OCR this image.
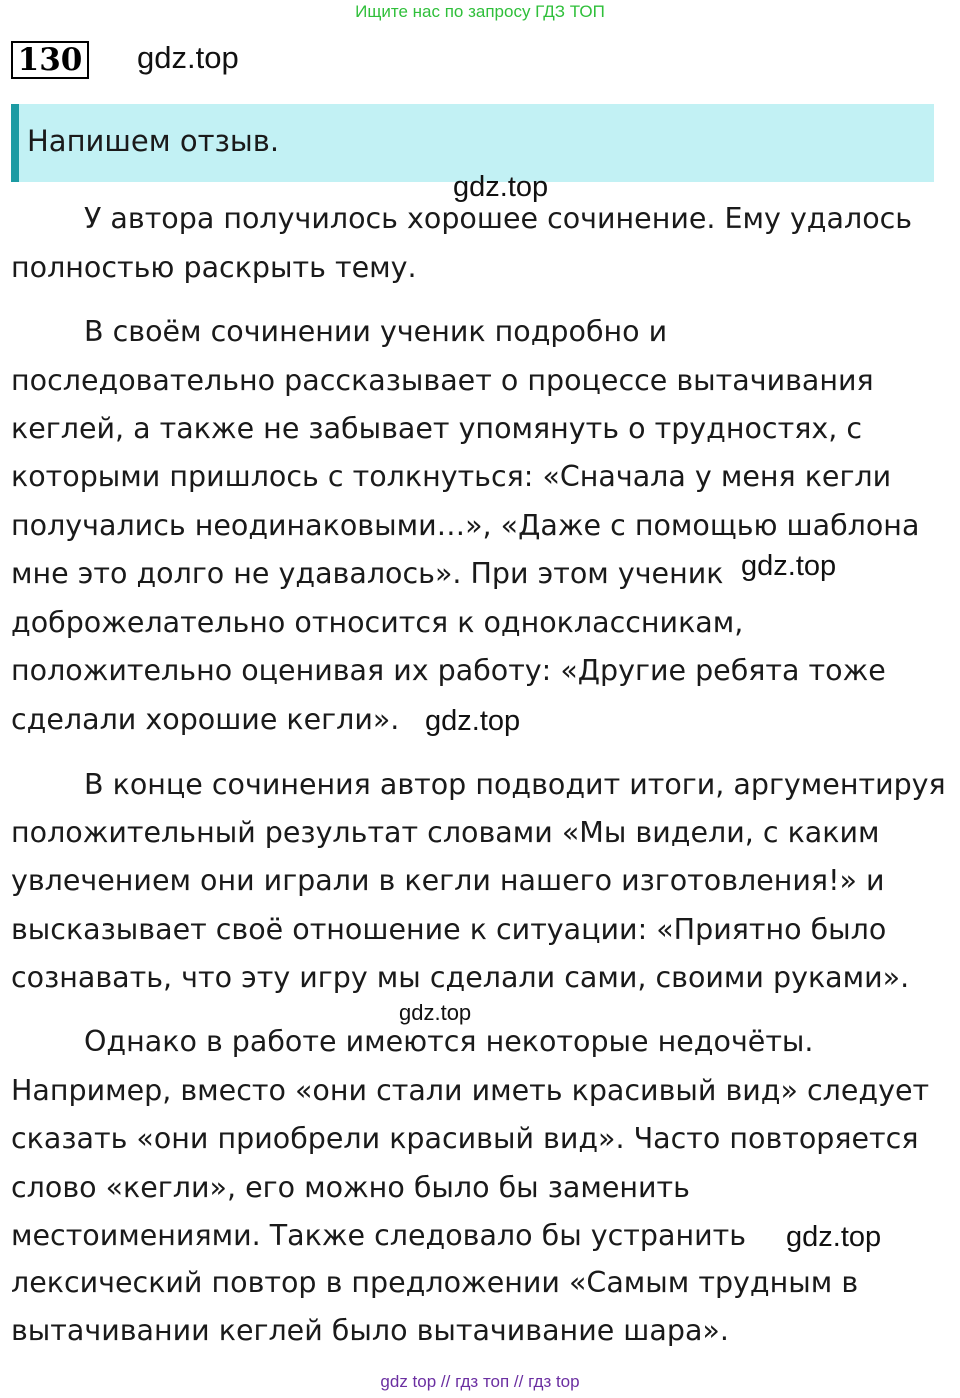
Ищите нас по запросу ГДЗ ТОП
130 gdz.top
Напишем отзыв.
gdz.top
У автора получилось хорошее сочинение. Ему удалось
полностью раскрыть тему.
В своём сочинении ученик подробно и
последовательно рассказывает о процессе вытачивания
кеглей, а также не забывает упомянуть о трудностях, с
которыми пришлось с толкнуться: «Сначала у меня кегли
получались неодинаковыми…», «Даже с помощью шаблона
мне это долго не удавалось». При этом ученик gdz.top
доброжелательно относится к одноклассникам,
положительно оценивая их работу: «Другие ребята тоже
сделали хорошие кегли». gdz.top
В конце сочинения автор подводит итоги, аргументируя
положительный результат словами «Мы видели, с каким
увлечением они играли в кегли нашего изготовления!» и
высказывает своё отношение к ситуации: «Приятно было
сознавать, что эту игру мы сделали сами, своими руками».
gdz.top
Однако в работе имеются некоторые недочёты.
Например, вместо «они стали иметь красивый вид» следует
сказать «они приобрели красивый вид». Часто повторяется
слово «кегли», его можно было бы заменить
местоимениями. Также следовало бы устранить gdz.top
лексический повтор в предложении «Самым трудным в
вытачивании кеглей было вытачивание шара».
gdz top // гдз топ // гдз top
